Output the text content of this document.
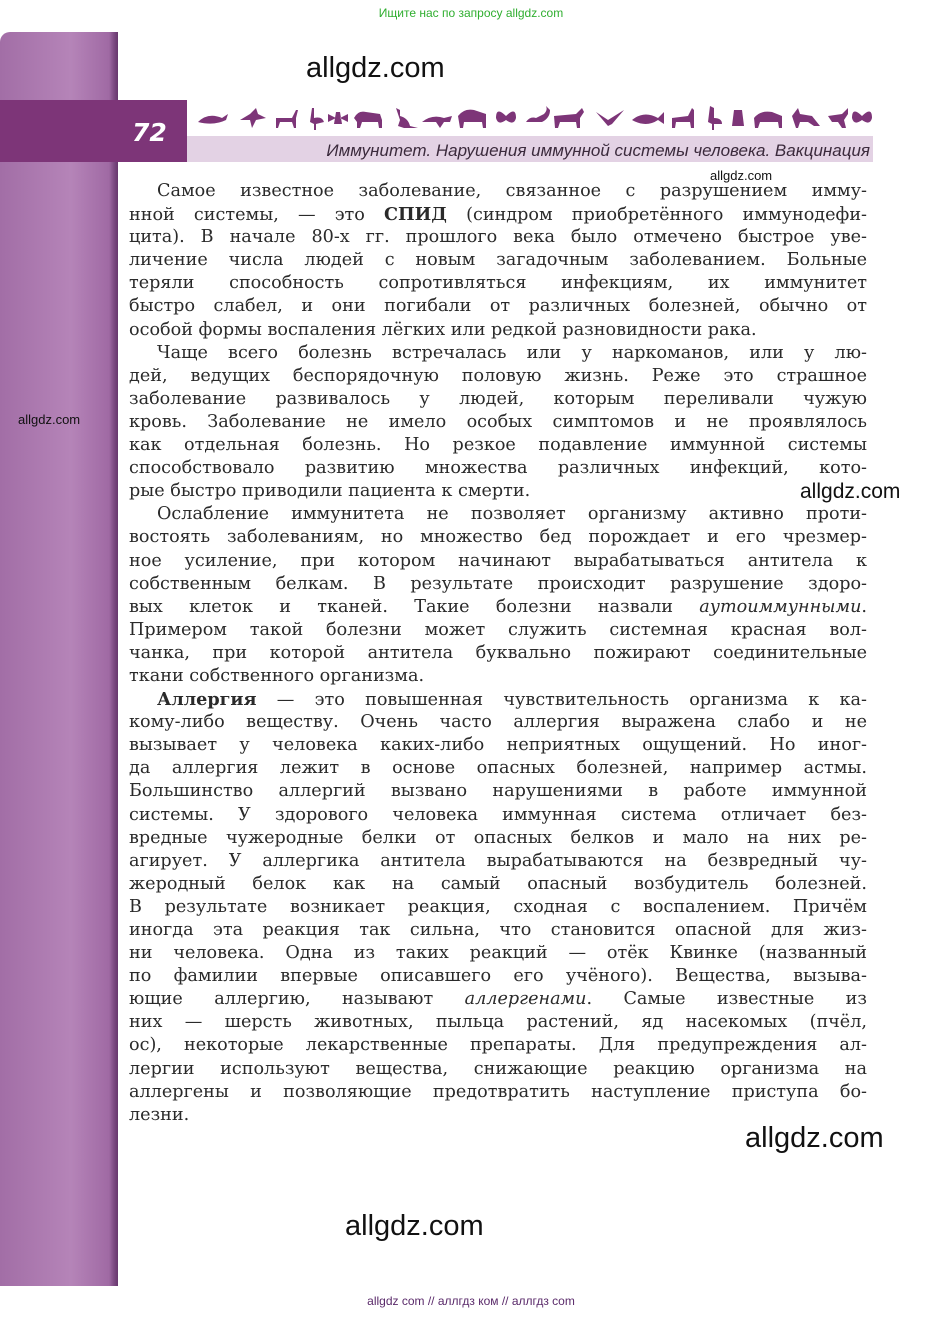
Ищите нас по запросу allgdz.com
72
Иммунитет. Нарушения иммунной системы человека. Вакцинация
allgdz.com
allgdz.com
allgdz.com
allgdz.com
allgdz.com
allgdz.com
Самое известное заболевание, связанное с разрушением имму-
нной системы, — это СПИД (синдром приобретённого иммунодефи-
цита). В начале 80-х гг. прошлого века было отмечено быстрое уве-
личение числа людей с новым загадочным заболеванием. Больные
теряли способность сопротивляться инфекциям, их иммунитет
быстро слабел, и они погибали от различных болезней, обычно от
особой формы воспаления лёгких или редкой разновидности рака.
Чаще всего болезнь встречалась или у наркоманов, или у лю-
дей, ведущих беспорядочную половую жизнь. Реже это страшное
заболевание развивалось у людей, которым переливали чужую
кровь. Заболевание не имело особых симптомов и не проявлялось
как отдельная болезнь. Но резкое подавление иммунной системы
способствовало развитию множества различных инфекций, кото-
рые быстро приводили пациента к смерти.
Ослабление иммунитета не позволяет организму активно проти-
востоять заболеваниям, но множество бед порождает и его чрезмер-
ное усиление, при котором начинают вырабатываться антитела к
собственным белкам. В результате происходит разрушение здоро-
вых клеток и тканей. Такие болезни назвали аутоиммунными.
Примером такой болезни может служить системная красная вол-
чанка, при которой антитела буквально пожирают соединительные
ткани собственного организма.
Аллергия — это повышенная чувствительность организма к ка-
кому-либо веществу. Очень часто аллергия выражена слабо и не
вызывает у человека каких-либо неприятных ощущений. Но иног-
да аллергия лежит в основе опасных болезней, например астмы.
Большинство аллергий вызвано нарушениями в работе иммунной
системы. У здорового человека иммунная система отличает без-
вредные чужеродные белки от опасных белков и мало на них ре-
агирует. У аллергика антитела вырабатываются на безвредный чу-
жеродный белок как на самый опасный возбудитель болезней.
В результате возникает реакция, сходная с воспалением. Причём
иногда эта реакция так сильна, что становится опасной для жиз-
ни человека. Одна из таких реакций — отёк Квинке (названный
по фамилии впервые описавшего его учёного). Вещества, вызыва-
ющие аллергию, называют аллергенами. Самые известные из
них — шерсть животных, пыльца растений, яд насекомых (пчёл,
ос), некоторые лекарственные препараты. Для предупреждения ал-
лергии используют вещества, снижающие реакцию организма на
аллергены и позволяющие предотвратить наступление приступа бо-
лезни.
allgdz com // аллгдз ком // аллгдз com
